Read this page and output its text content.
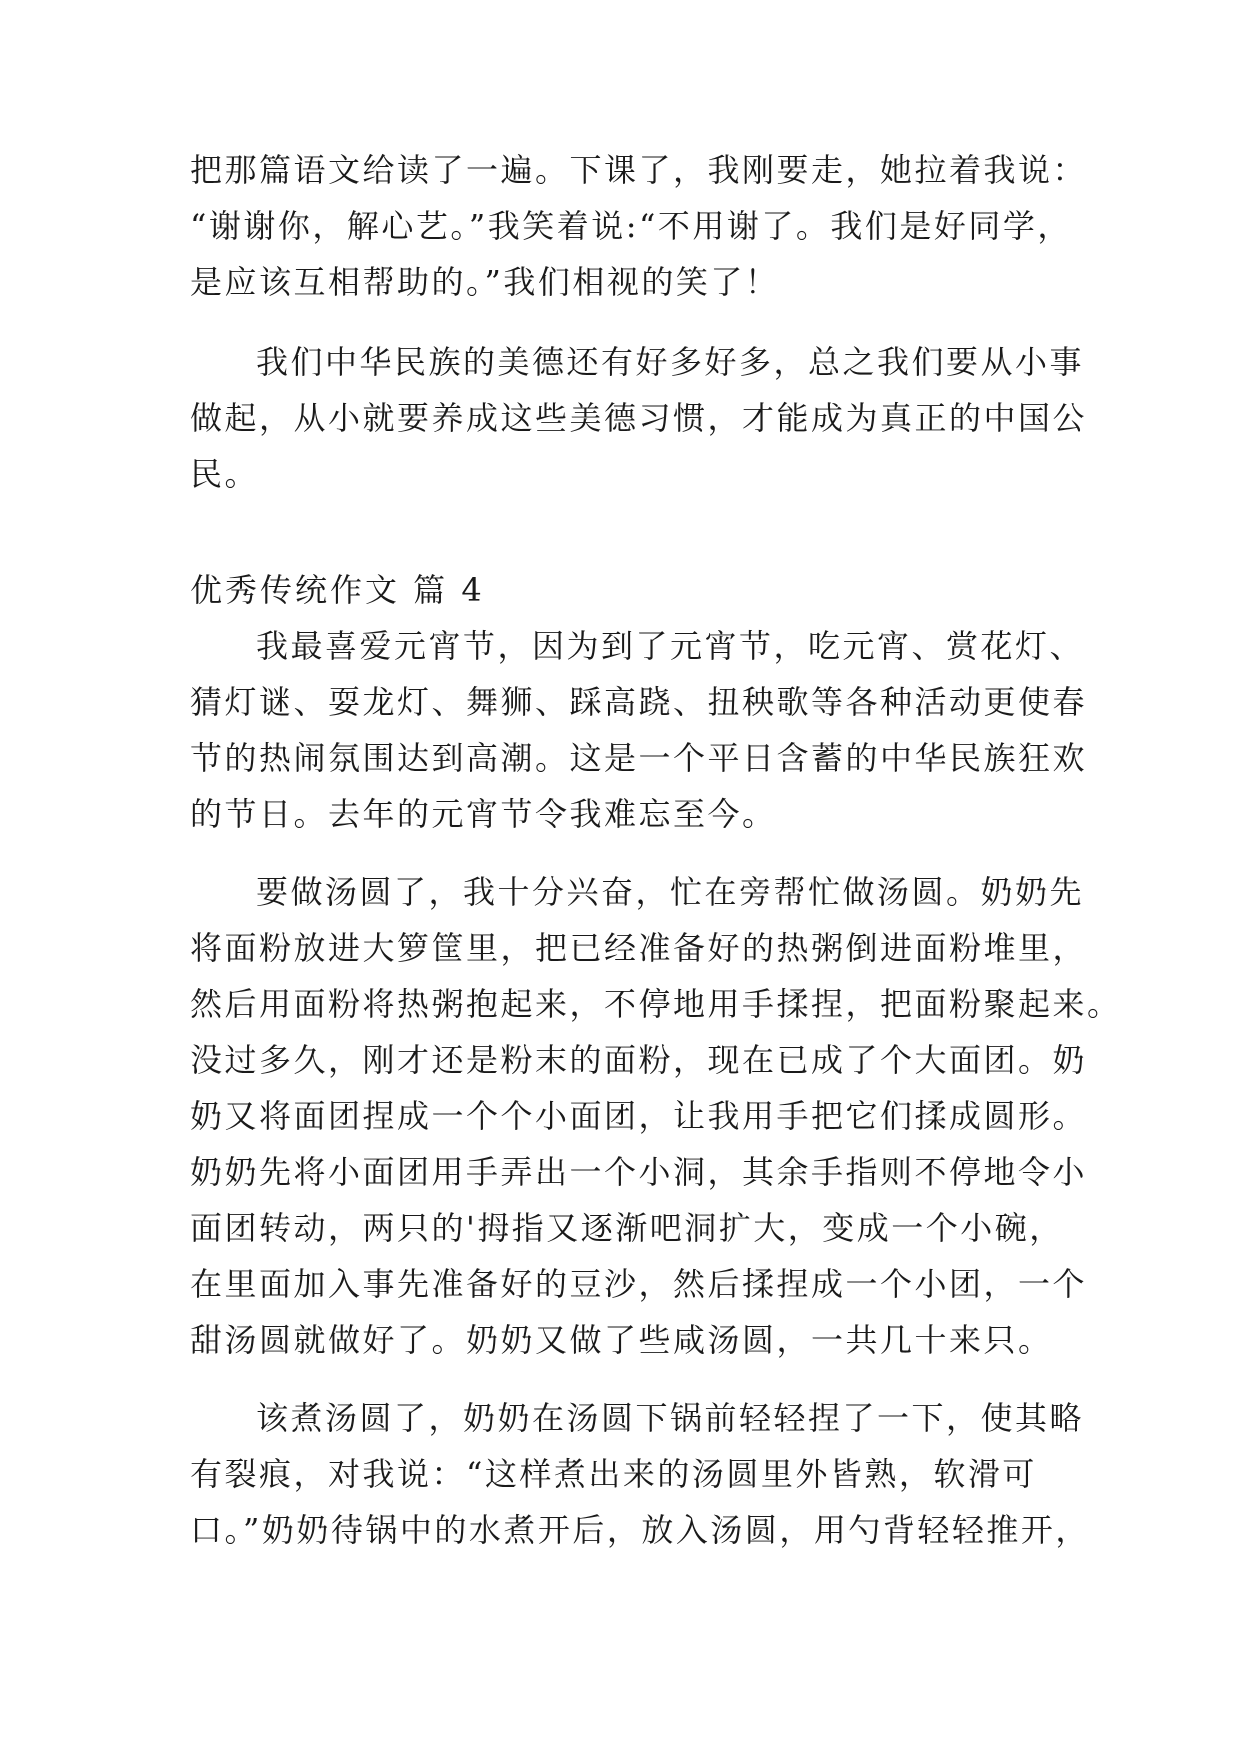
把那篇语文给读了一遍。下课了，我刚要走，她拉着我说：
“谢谢你，解心艺。”我笑着说:“不用谢了。我们是好同学，
是应该互相帮助的。”我们相视的笑了！
我们中华民族的美德还有好多好多，总之我们要从小事
做起，从小就要养成这些美德习惯，才能成为真正的中国公
民。
优秀传统作文 篇 4
我最喜爱元宵节，因为到了元宵节，吃元宵、赏花灯、
猜灯谜、耍龙灯、舞狮、踩高跷、扭秧歌等各种活动更使春
节的热闹氛围达到高潮。这是一个平日含蓄的中华民族狂欢
的节日。去年的元宵节令我难忘至今。
要做汤圆了，我十分兴奋，忙在旁帮忙做汤圆。奶奶先
将面粉放进大箩筐里，把已经准备好的热粥倒进面粉堆里，
然后用面粉将热粥抱起来，不停地用手揉捏，把面粉聚起来。
没过多久，刚才还是粉末的面粉，现在已成了个大面团。奶
奶又将面团捏成一个个小面团，让我用手把它们揉成圆形。
奶奶先将小面团用手弄出一个小洞，其余手指则不停地令小
面团转动，两只的'拇指又逐渐吧洞扩大，变成一个小碗，
在里面加入事先准备好的豆沙，然后揉捏成一个小团，一个
甜汤圆就做好了。奶奶又做了些咸汤圆，一共几十来只。
该煮汤圆了，奶奶在汤圆下锅前轻轻捏了一下，使其略
有裂痕，对我说：“这样煮出来的汤圆里外皆熟，软滑可
口。”奶奶待锅中的水煮开后，放入汤圆，用勺背轻轻推开，
